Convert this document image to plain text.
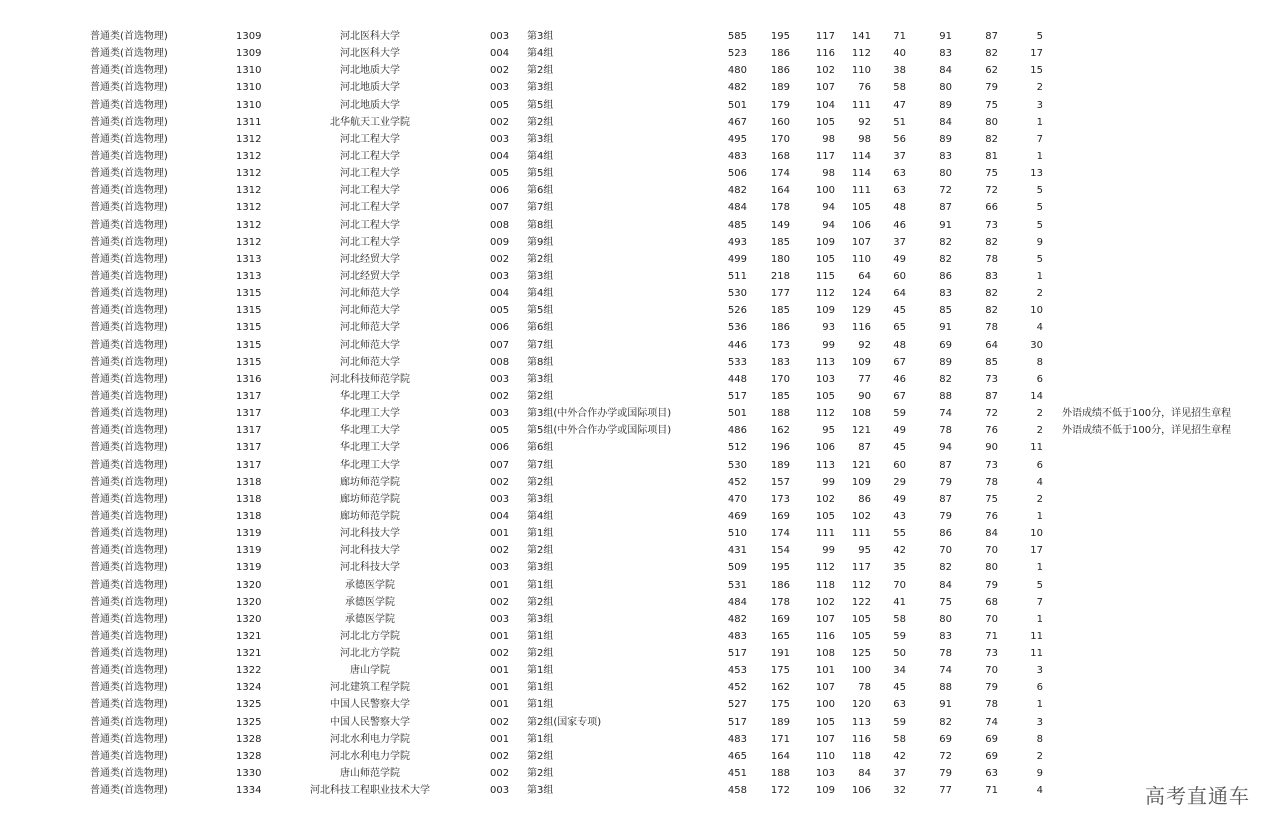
普通类(首选物理)	1309	河北医科大学	003 第3组	585	195	117	141	71	91	87	5
普通类(首选物理)	1309	河北医科大学	004 第4组	523	186	116	112	40	83	82	17
普通类(首选物理)	1310	河北地质大学	002 第2组	480	186	102	110	38	84	62	15
普通类(首选物理)	1310	河北地质大学	003 第3组	482	189	107	76	58	80	79	2
普通类(首选物理)	1310	河北地质大学	005 第5组	501	179	104	111	47	89	75	3
普通类(首选物理)	1311	北华航天工业学院	002 第2组	467	160	105	92	51	84	80	1
普通类(首选物理)	1312	河北工程大学	003 第3组	495	170	98	98	56	89	82	7
普通类(首选物理)	1312	河北工程大学	004 第4组	483	168	117	114	37	83	81	1
普通类(首选物理)	1312	河北工程大学	005 第5组	506	174	98	114	63	80	75	13
普通类(首选物理)	1312	河北工程大学	006 第6组	482	164	100	111	63	72	72	5
普通类(首选物理)	1312	河北工程大学	007 第7组	484	178	94	105	48	87	66	5
普通类(首选物理)	1312	河北工程大学	008 第8组	485	149	94	106	46	91	73	5
普通类(首选物理)	1312	河北工程大学	009 第9组	493	185	109	107	37	82	82	9
普通类(首选物理)	1313	河北经贸大学	002 第2组	499	180	105	110	49	82	78	5
普通类(首选物理)	1313	河北经贸大学	003 第3组	511	218	115	64	60	86	83	1
普通类(首选物理)	1315	河北师范大学	004 第4组	530	177	112	124	64	83	82	2
普通类(首选物理)	1315	河北师范大学	005 第5组	526	185	109	129	45	85	82	10
普通类(首选物理)	1315	河北师范大学	006 第6组	536	186	93	116	65	91	78	4
普通类(首选物理)	1315	河北师范大学	007 第7组	446	173	99	92	48	69	64	30
普通类(首选物理)	1315	河北师范大学	008 第8组	533	183	113	109	67	89	85	8
普通类(首选物理)	1316	河北科技师范学院	003 第3组	448	170	103	77	46	82	73	6
普通类(首选物理)	1317	华北理工大学	002 第2组	517	185	105	90	67	88	87	14
普通类(首选物理)	1317	华北理工大学	003 第3组(中外合作办学或国际项目)	501	188	112	108	59	74	72	2 外语成绩不低于100分，详见招生章程
普通类(首选物理)	1317	华北理工大学	005 第5组(中外合作办学或国际项目)	486	162	95	121	49	78	76	2 外语成绩不低于100分，详见招生章程
普通类(首选物理)	1317	华北理工大学	006 第6组	512	196	106	87	45	94	90	11
普通类(首选物理)	1317	华北理工大学	007 第7组	530	189	113	121	60	87	73	6
普通类(首选物理)	1318	廊坊师范学院	002 第2组	452	157	99	109	29	79	78	4
普通类(首选物理)	1318	廊坊师范学院	003 第3组	470	173	102	86	49	87	75	2
普通类(首选物理)	1318	廊坊师范学院	004 第4组	469	169	105	102	43	79	76	1
普通类(首选物理)	1319	河北科技大学	001 第1组	510	174	111	111	55	86	84	10
普通类(首选物理)	1319	河北科技大学	002 第2组	431	154	99	95	42	70	70	17
普通类(首选物理)	1319	河北科技大学	003 第3组	509	195	112	117	35	82	80	1
普通类(首选物理)	1320	承德医学院	001 第1组	531	186	118	112	70	84	79	5
普通类(首选物理)	1320	承德医学院	002 第2组	484	178	102	122	41	75	68	7
普通类(首选物理)	1320	承德医学院	003 第3组	482	169	107	105	58	80	70	1
普通类(首选物理)	1321	河北北方学院	001 第1组	483	165	116	105	59	83	71	11
普通类(首选物理)	1321	河北北方学院	002 第2组	517	191	108	125	50	78	73	11
普通类(首选物理)	1322	唐山学院	001 第1组	453	175	101	100	34	74	70	3
普通类(首选物理)	1324	河北建筑工程学院	001 第1组	452	162	107	78	45	88	79	6
普通类(首选物理)	1325	中国人民警察大学	001 第1组	527	175	100	120	63	91	78	1
普通类(首选物理)	1325	中国人民警察大学	002 第2组(国家专项)	517	189	105	113	59	82	74	3
普通类(首选物理)	1328	河北水利电力学院	001 第1组	483	171	107	116	58	69	69	8
普通类(首选物理)	1328	河北水利电力学院	002 第2组	465	164	110	118	42	72	69	2
普通类(首选物理)	1330	唐山师范学院	002 第2组	451	188	103	84	37	79	63	9
普通类(首选物理)	1334	河北科技工程职业技术大学	003 第3组	458	172	109	106	32	77	71	4	高考直通车
